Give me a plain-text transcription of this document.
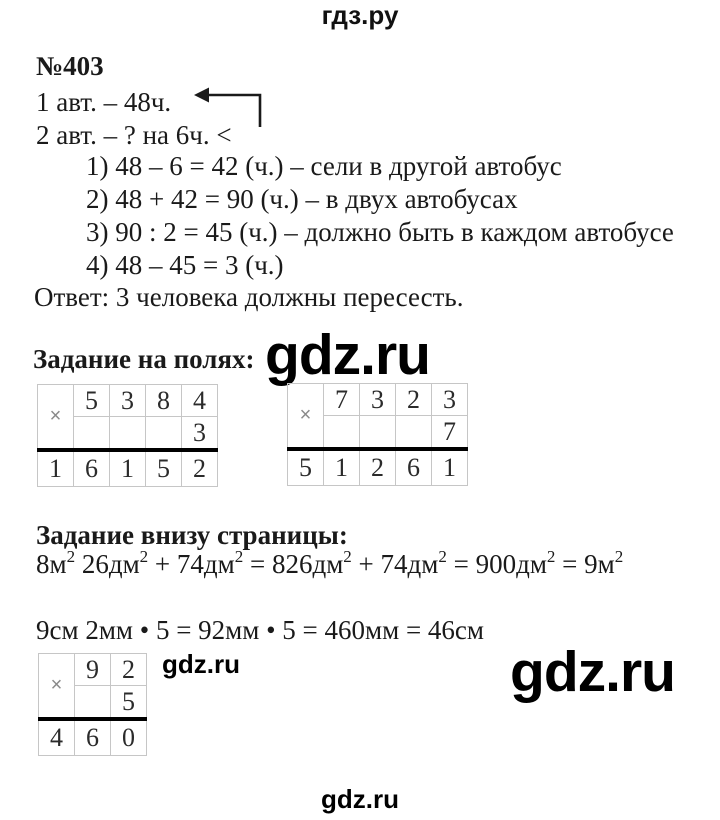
гдз.ру
№403
1 авт. – 48ч.
2 авт. – ? на 6ч. <
1) 48 – 6 = 42 (ч.) – сели в другой автобус
2) 48 + 42 = 90 (ч.) – в двух автобусах
3) 90 : 2 = 45 (ч.) – должно быть в каждом автобусе
4) 48 – 45 = 3 (ч.)
Ответ: 3 человека должны пересесть.
Задание на полях: gdz.ru
×	5	3	8	4
				3
1	6	1	5	2
×	7	3	2	3
				7
5	1	2	6	1
Задание внизу страницы:
$8м^2$ $26дм^2 + 74дм^2 = 826дм^2 + 74дм^2 = 900дм^2 = 9м^2$
9см 2мм • 5 = 92мм • 5 = 460мм = 46см
×	9	2
		5
4	6	0
gdz.ru	gdz.ru
gdz.ru
